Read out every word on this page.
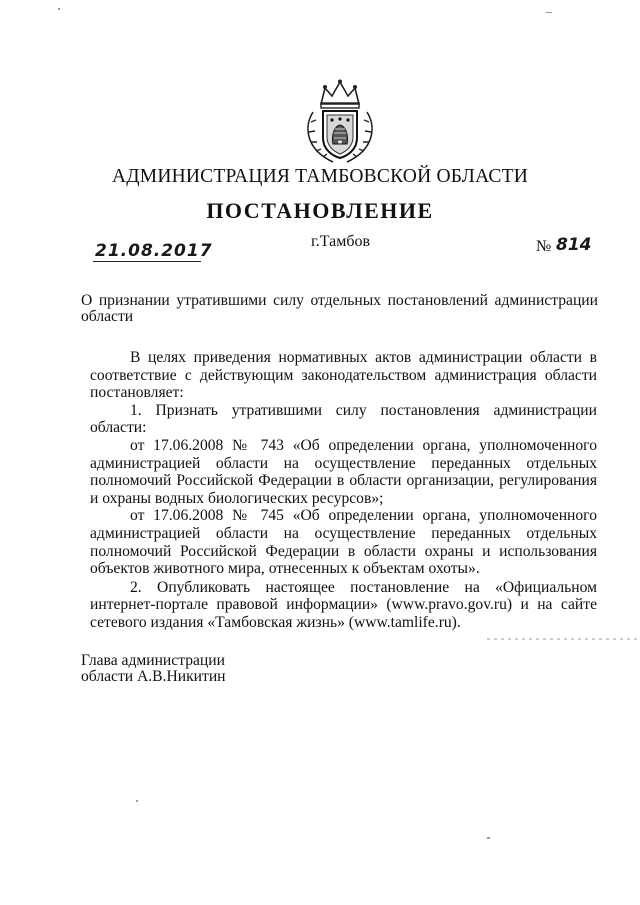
АДМИНИСТРАЦИЯ ТАМБОВСКОЙ ОБЛАСТИ
ПОСТАНОВЛЕНИЕ
21.08.2017	г.Тамбов	№ 814
О признании утратившими силу отдельных постановлений администрации области

В целях приведения нормативных актов администрации области в соответствие с действующим законодательством администрация области постановляет:

1. Признать утратившими силу постановления администрации области:

от 17.06.2008 № 743 «Об определении органа, уполномоченного администрацией области на осуществление переданных отдельных полномочий Российской Федерации в области организации, регулирования и охраны водных биологических ресурсов»;

от 17.06.2008 № 745 «Об определении органа, уполномоченного администрацией области на осуществление переданных отдельных полномочий Российской Федерации в области охраны и использования объектов животного мира, отнесенных к объектам охоты».

2. Опубликовать настоящее постановление на «Официальном интернет-портале правовой информации» (www.pravo.gov.ru) и на сайте сетевого издания «Тамбовская жизнь» (www.tamlife.ru).

Глава администрации
области А.В.Никитин
